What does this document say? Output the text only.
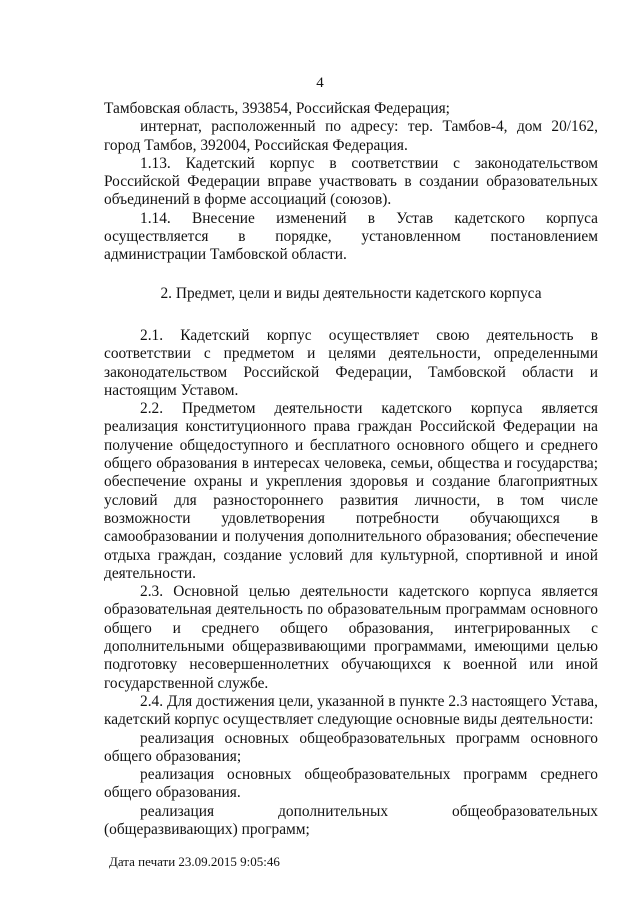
4

Тамбовская область, 393854, Российская Федерация;

интернат, расположенный по адресу: тер. Тамбов-4, дом 20/162, город Тамбов, 392004, Российская Федерация.

1.13. Кадетский корпус в соответствии с законодательством Российской Федерации вправе участвовать в создании образовательных объединений в форме ассоциаций (союзов).

1.14. Внесение изменений в Устав кадетского корпуса осуществляется в порядке, установленном постановлением администрации Тамбовской области.

2. Предмет, цели и виды деятельности кадетского корпуса

2.1. Кадетский корпус осуществляет свою деятельность в соответствии с предметом и целями деятельности, определенными законодательством Российской Федерации, Тамбовской области и настоящим Уставом.

2.2. Предметом деятельности кадетского корпуса является реализация конституционного права граждан Российской Федерации на получение общедоступного и бесплатного основного общего и среднего общего образования в интересах человека, семьи, общества и государства; обеспечение охраны и укрепления здоровья и создание благоприятных условий для разностороннего развития личности, в том числе возможности удовлетворения потребности обучающихся в самообразовании и получения дополнительного образования; обеспечение отдыха граждан, создание условий для культурной, спортивной и иной деятельности.

2.3. Основной целью деятельности кадетского корпуса является образовательная деятельность по образовательным программам основного общего и среднего общего образования, интегрированных с дополнительными общеразвивающими программами, имеющими целью подготовку несовершеннолетних обучающихся к военной или иной государственной службе.

2.4. Для достижения цели, указанной в пункте 2.3 настоящего Устава, кадетский корпус осуществляет следующие основные виды деятельности:

реализация основных общеобразовательных программ основного общего образования;

реализация основных общеобразовательных программ среднего общего образования.

реализация дополнительных общеобразовательных (общеразвивающих) программ;

Дата печати 23.09.2015 9:05:46
